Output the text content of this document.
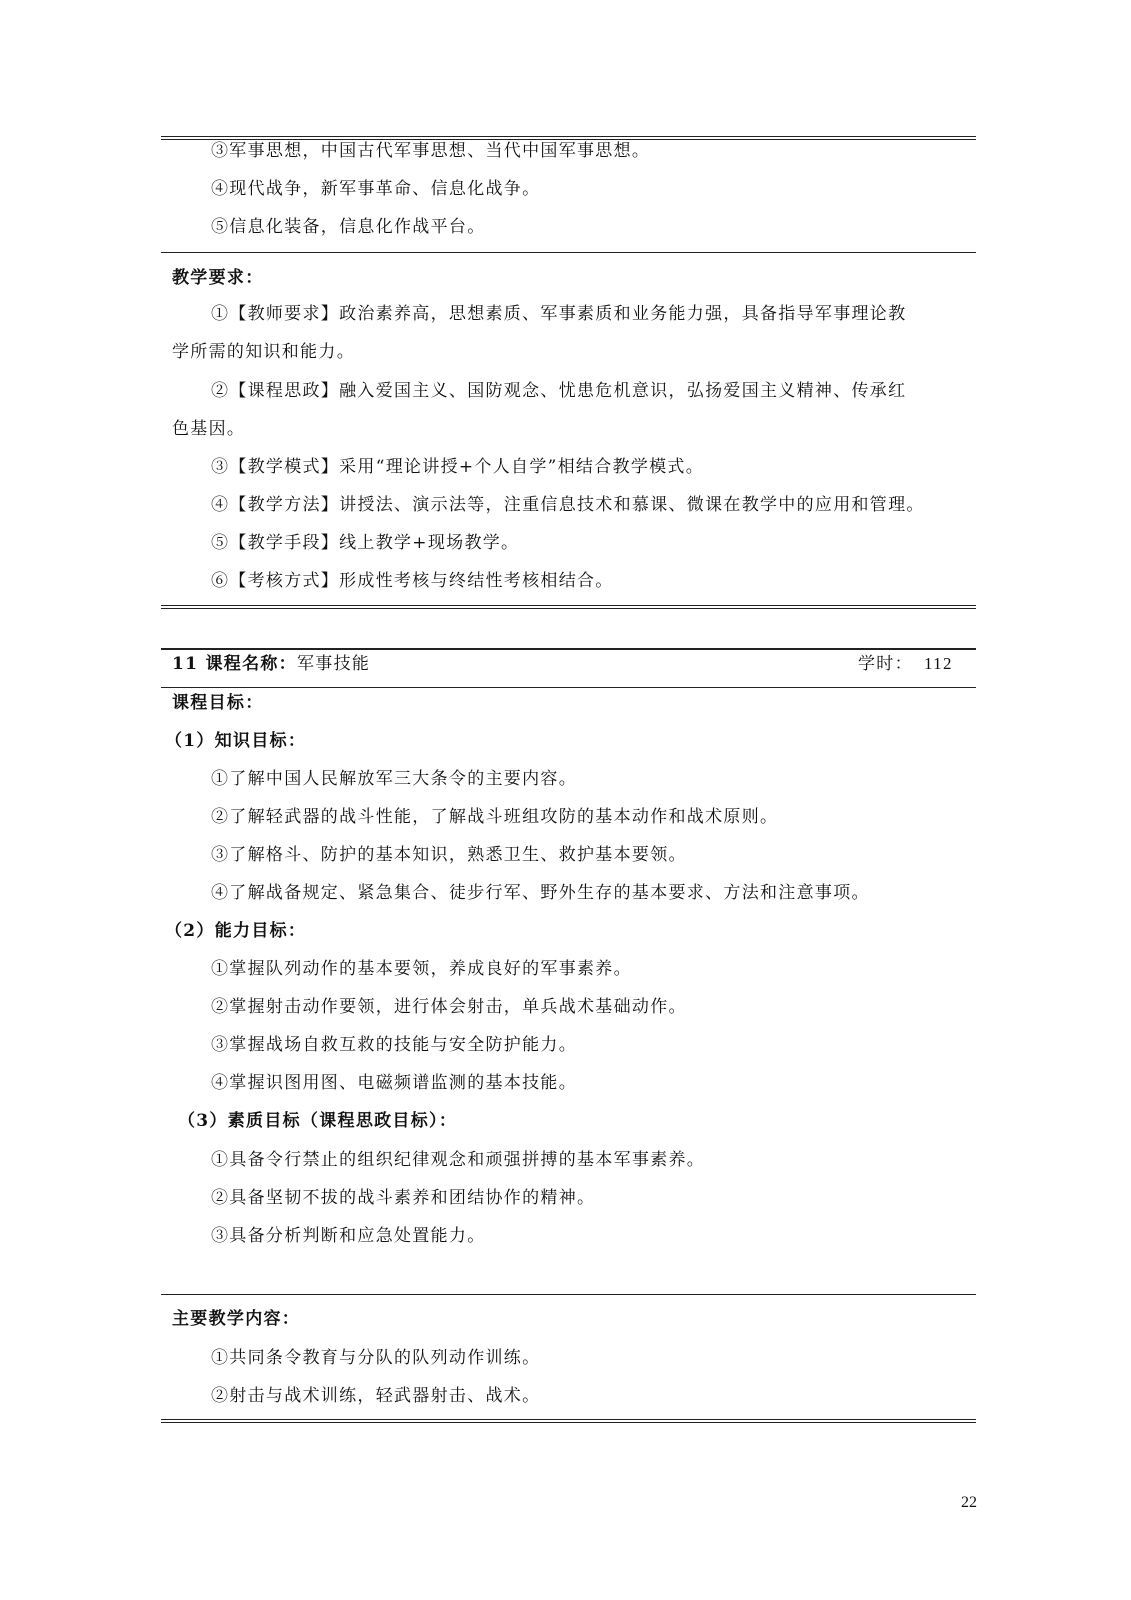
③军事思想，中国古代军事思想、当代中国军事思想。
④现代战争，新军事革命、信息化战争。
⑤信息化装备，信息化作战平台。
教学要求：
①【教师要求】政治素养高，思想素质、军事素质和业务能力强，具备指导军事理论教
学所需的知识和能力。
②【课程思政】融入爱国主义、国防观念、忧患危机意识，弘扬爱国主义精神、传承红
色基因。
③【教学模式】采用“理论讲授+个人自学”相结合教学模式。
④【教学方法】讲授法、演示法等，注重信息技术和慕课、微课在教学中的应用和管理。
⑤【教学手段】线上教学+现场教学。
⑥【考核方式】形成性考核与终结性考核相结合。
11 课程名称：军事技能	学时： 112
课程目标：
（1）知识目标：
①了解中国人民解放军三大条令的主要内容。
②了解轻武器的战斗性能，了解战斗班组攻防的基本动作和战术原则。
③了解格斗、防护的基本知识，熟悉卫生、救护基本要领。
④了解战备规定、紧急集合、徒步行军、野外生存的基本要求、方法和注意事项。
（2）能力目标：
①掌握队列动作的基本要领，养成良好的军事素养。
②掌握射击动作要领，进行体会射击，单兵战术基础动作。
③掌握战场自救互救的技能与安全防护能力。
④掌握识图用图、电磁频谱监测的基本技能。
（3）素质目标（课程思政目标）：
①具备令行禁止的组织纪律观念和顽强拼搏的基本军事素养。
②具备坚韧不拔的战斗素养和团结协作的精神。
③具备分析判断和应急处置能力。
主要教学内容：
①共同条令教育与分队的队列动作训练。
②射击与战术训练，轻武器射击、战术。
22
